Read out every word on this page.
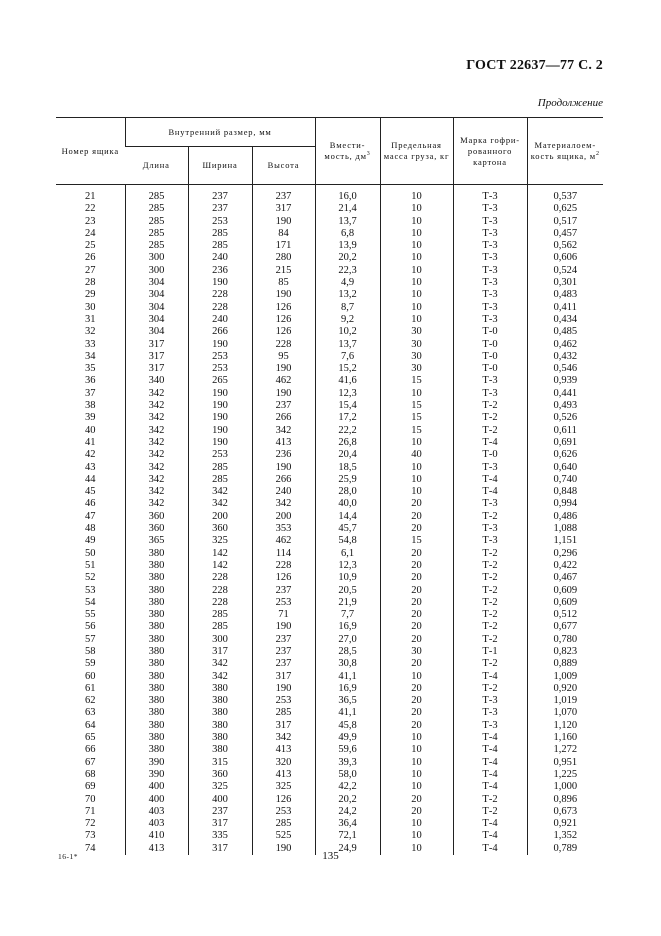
ГОСТ 22637—77 С. 2
Продолжение
Номер ящика	Внутренний размер, мм			Вмести-мость, $дм^3$	Предельная масса груза, кг	Марка гофри-рованного картона	Материалоем-кость ящика, $м^2$
	Длина	Ширина	Высота				

21	285	237	237	16,0	10	Т-3	0,537
22	285	237	317	21,4	10	Т-3	0,625
23	285	253	190	13,7	10	Т-3	0,517
24	285	285	84	6,8	10	Т-3	0,457
25	285	285	171	13,9	10	Т-3	0,562
26	300	240	280	20,2	10	Т-3	0,606
27	300	236	215	22,3	10	Т-3	0,524
28	304	190	85	4,9	10	Т-3	0,301
29	304	228	190	13,2	10	Т-3	0,483
30	304	228	126	8,7	10	Т-3	0,411
31	304	240	126	9,2	10	Т-3	0,434
32	304	266	126	10,2	30	Т-0	0,485
33	317	190	228	13,7	30	Т-0	0,462
34	317	253	95	7,6	30	Т-0	0,432
35	317	253	190	15,2	30	Т-0	0,546
36	340	265	462	41,6	15	Т-3	0,939
37	342	190	190	12,3	10	Т-3	0,441
38	342	190	237	15,4	15	Т-2	0,493
39	342	190	266	17,2	15	Т-2	0,526
40	342	190	342	22,2	15	Т-2	0,611
41	342	190	413	26,8	10	Т-4	0,691
42	342	253	236	20,4	40	Т-0	0,626
43	342	285	190	18,5	10	Т-3	0,640
44	342	285	266	25,9	10	Т-4	0,740
45	342	342	240	28,0	10	Т-4	0,848
46	342	342	342	40,0	20	Т-3	0,994
47	360	200	200	14,4	20	Т-2	0,486
48	360	360	353	45,7	20	Т-3	1,088
49	365	325	462	54,8	15	Т-3	1,151
50	380	142	114	6,1	20	Т-2	0,296
51	380	142	228	12,3	20	Т-2	0,422
52	380	228	126	10,9	20	Т-2	0,467
53	380	228	237	20,5	20	Т-2	0,609
54	380	228	253	21,9	20	Т-2	0,609
55	380	285	71	7,7	20	Т-2	0,512
56	380	285	190	16,9	20	Т-2	0,677
57	380	300	237	27,0	20	Т-2	0,780
58	380	317	237	28,5	30	Т-1	0,823
59	380	342	237	30,8	20	Т-2	0,889
60	380	342	317	41,1	10	Т-4	1,009
61	380	380	190	16,9	20	Т-2	0,920
62	380	380	253	36,5	20	Т-3	1,019
63	380	380	285	41,1	20	Т-3	1,070
64	380	380	317	45,8	20	Т-3	1,120
65	380	380	342	49,9	10	Т-4	1,160
66	380	380	413	59,6	10	Т-4	1,272
67	390	315	320	39,3	10	Т-4	0,951
68	390	360	413	58,0	10	Т-4	1,225
69	400	325	325	42,2	10	Т-4	1,000
70	400	400	126	20,2	20	Т-2	0,896
71	403	237	253	24,2	20	Т-2	0,673
72	403	317	285	36,4	10	Т-4	0,921
73	410	335	525	72,1	10	Т-4	1,352
74	413	317	190	24,9	10	Т-4	0,789
16-1*	135
